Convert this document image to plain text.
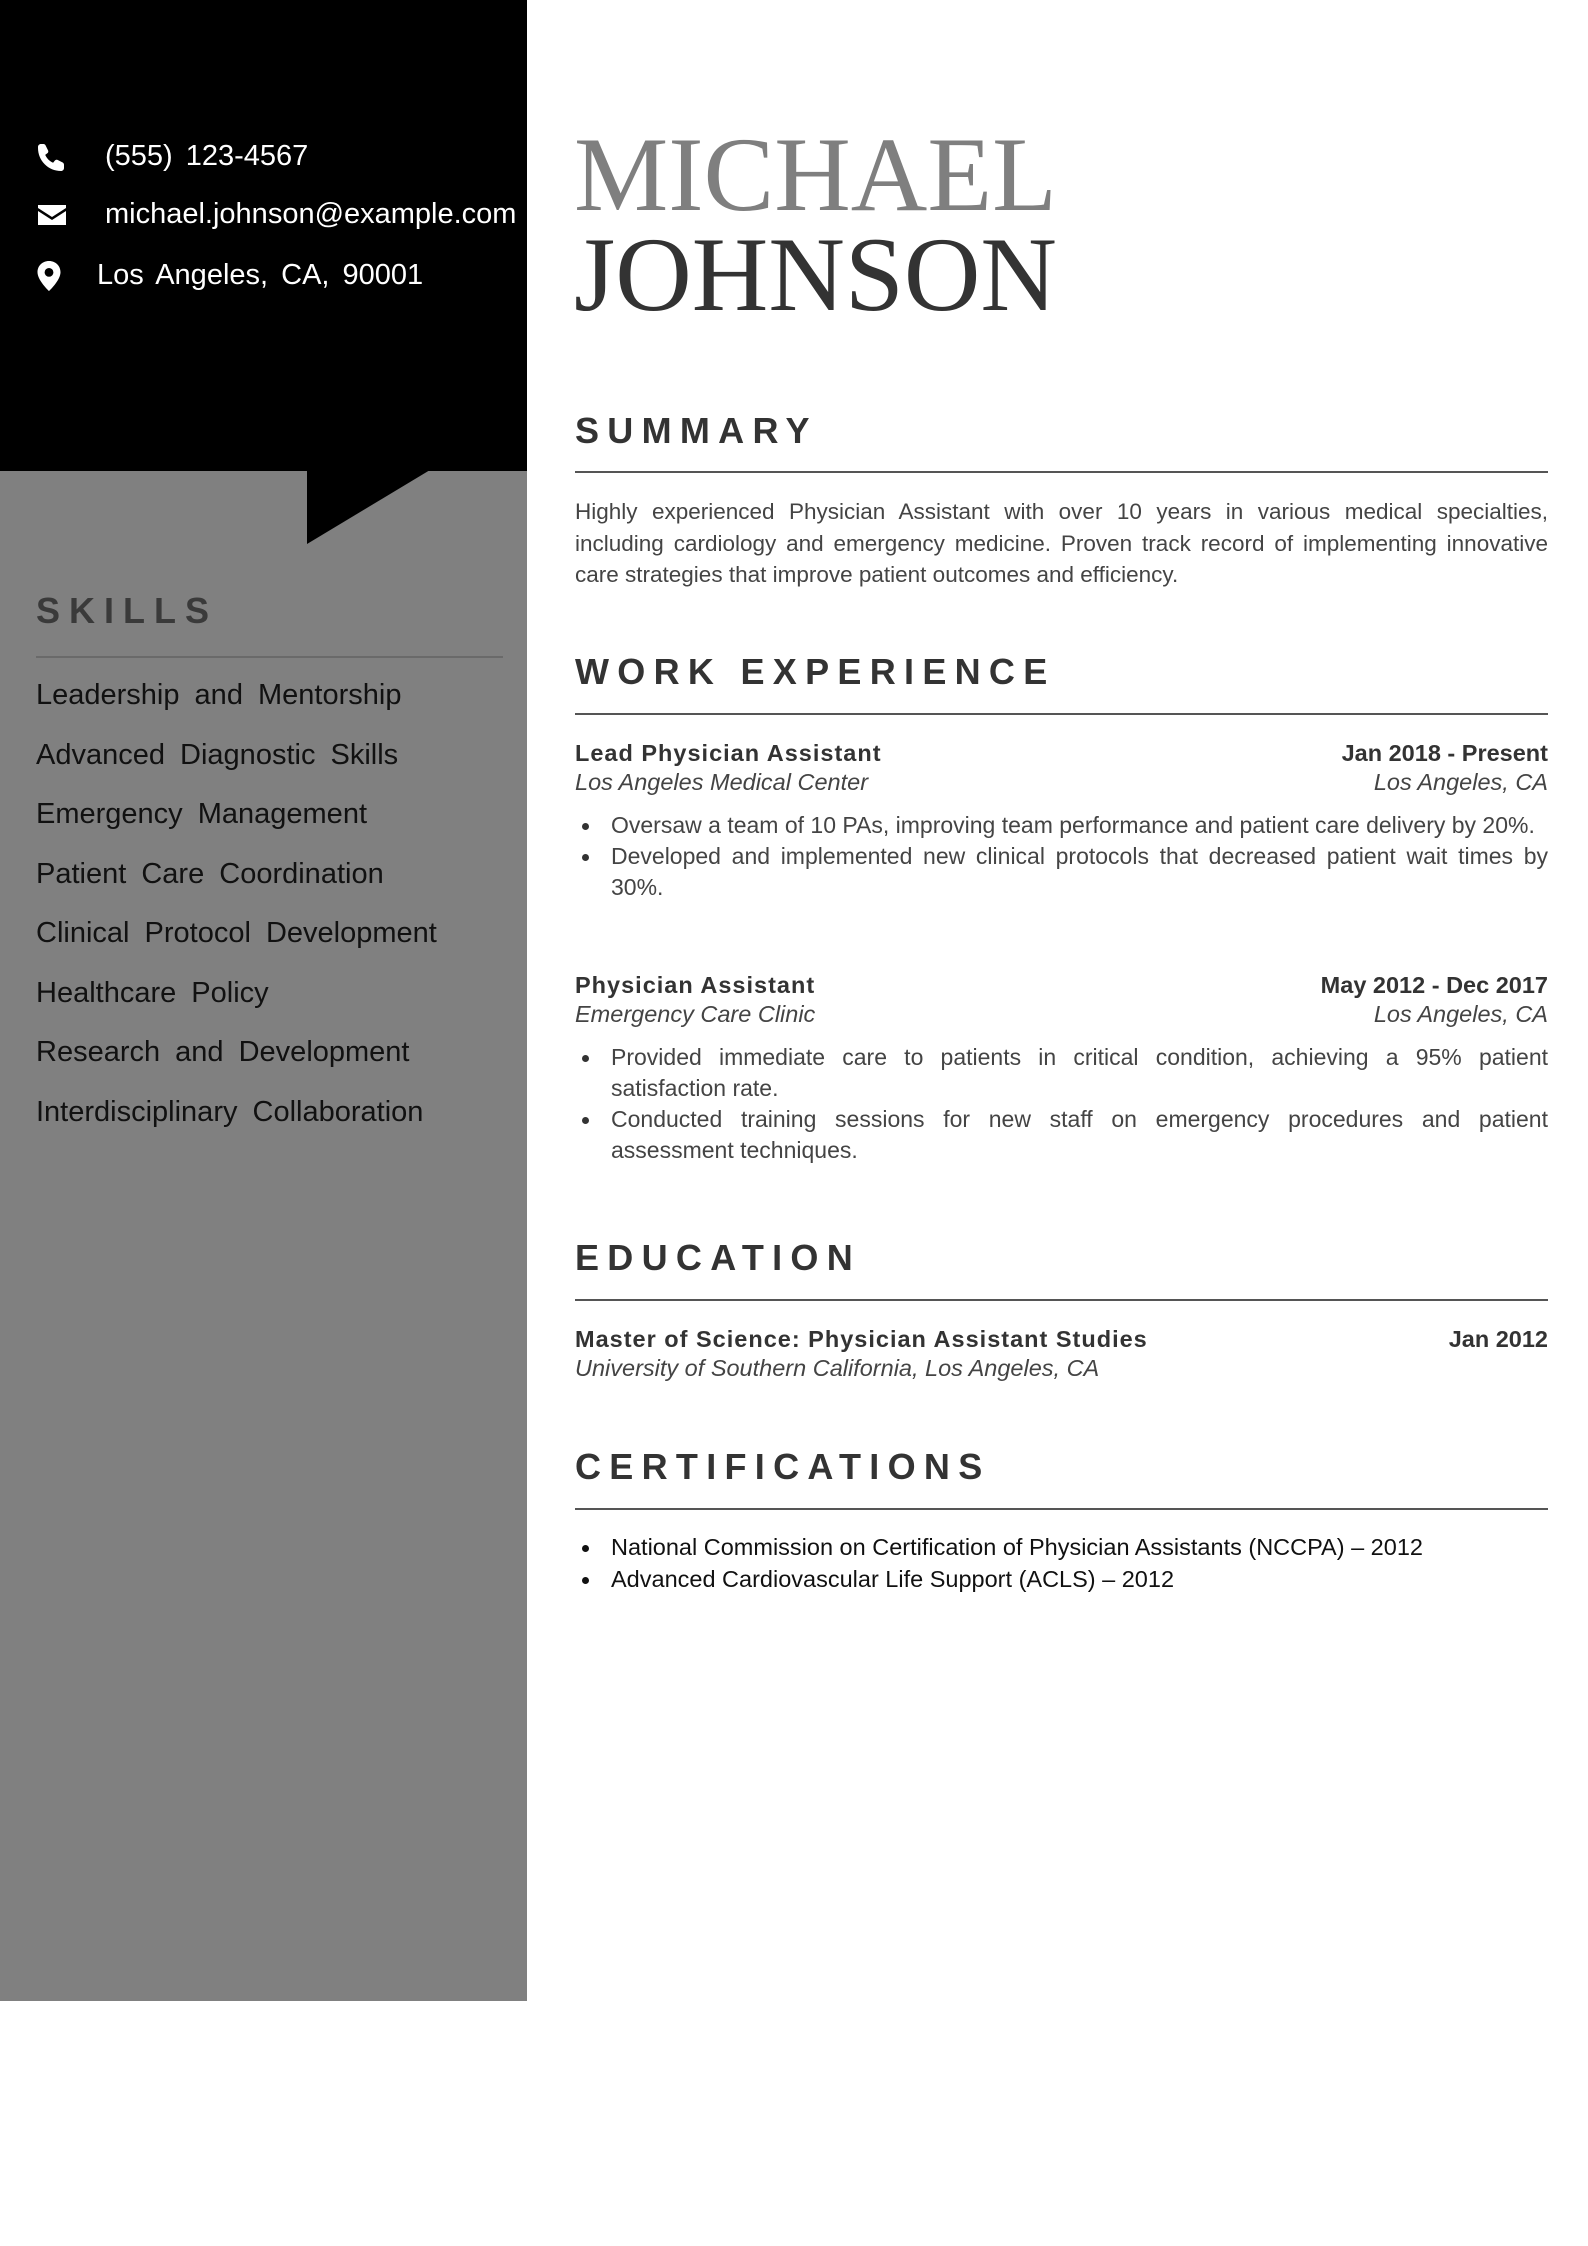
(555) 123-4567
michael.johnson@example.com
Los Angeles, CA, 90001
SKILLS
Leadership and Mentorship
Advanced Diagnostic Skills
Emergency Management
Patient Care Coordination
Clinical Protocol Development
Healthcare Policy
Research and Development
Interdisciplinary Collaboration
MICHAEL
JOHNSON
SUMMARY

Highly experienced Physician Assistant with over 10 years in various medical specialties, including cardiology and emergency medicine. Proven track record of implementing innovative care strategies that improve patient outcomes and efficiency.

WORK EXPERIENCE
Lead Physician Assistant	Jan 2018 - Present
Los Angeles Medical Center	Los Angeles, CA
Oversaw a team of 10 PAs, improving team performance and patient care delivery by 20%.
Developed and implemented new clinical protocols that decreased patient wait times by 30%.
Physician Assistant	May 2012 - Dec 2017
Emergency Care Clinic	Los Angeles, CA
Provided immediate care to patients in critical condition, achieving a 95% patient satisfaction rate.
Conducted training sessions for new staff on emergency procedures and patient assessment techniques.
EDUCATION
Master of Science: Physician Assistant Studies	Jan 2012
University of Southern California, Los Angeles, CA
CERTIFICATIONS
National Commission on Certification of Physician Assistants (NCCPA) – 2012
Advanced Cardiovascular Life Support (ACLS) – 2012
